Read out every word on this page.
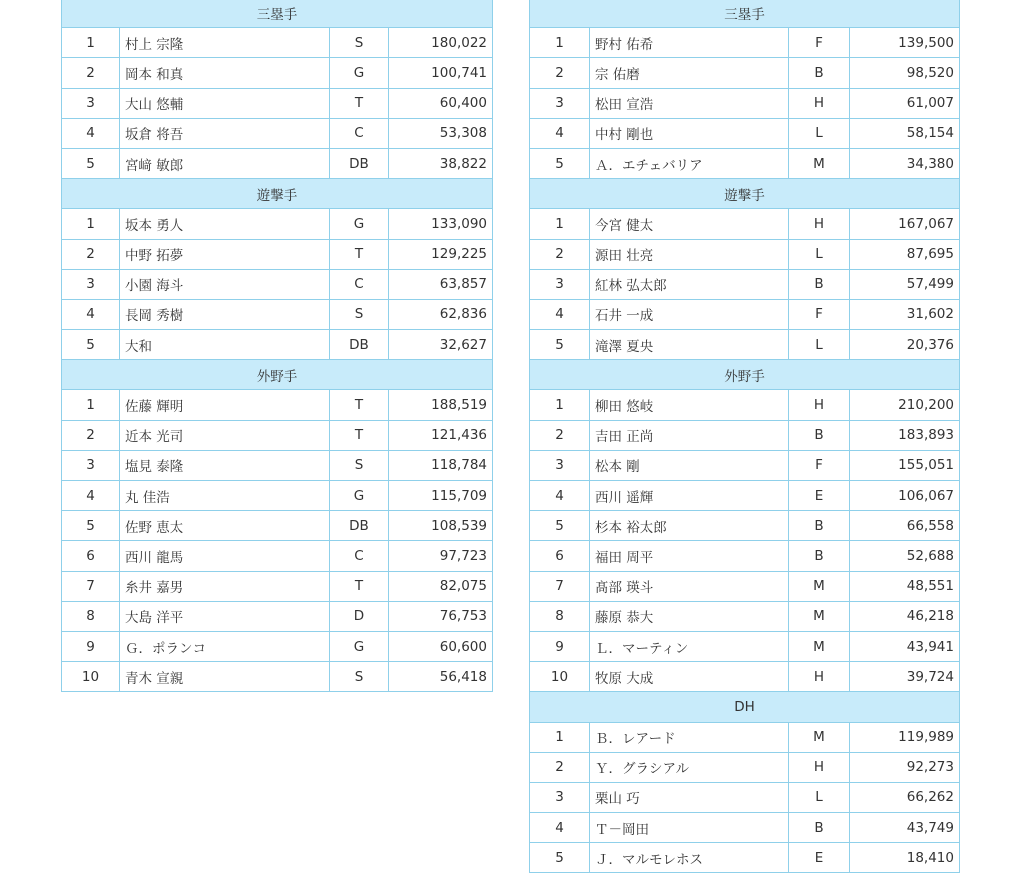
三塁手			
1	村上 宗隆	S	180,022
2	岡本 和真	G	100,741
3	大山 悠輔	T	60,400
4	坂倉 将吾	C	53,308
5	宮﨑 敏郎	DB	38,822
遊撃手			
1	坂本 勇人	G	133,090
2	中野 拓夢	T	129,225
3	小園 海斗	C	63,857
4	長岡 秀樹	S	62,836
5	大和	DB	32,627
外野手			
1	佐藤 輝明	T	188,519
2	近本 光司	T	121,436
3	塩見 泰隆	S	118,784
4	丸 佳浩	G	115,709
5	佐野 恵太	DB	108,539
6	西川 龍馬	C	97,723
7	糸井 嘉男	T	82,075
8	大島 洋平	D	76,753
9	Ｇ．ポランコ	G	60,600
10	青木 宣親	S	56,418
三塁手			
1	野村 佑希	F	139,500
2	宗 佑磨	B	98,520
3	松田 宣浩	H	61,007
4	中村 剛也	L	58,154
5	Ａ．エチェバリア	M	34,380
遊撃手			
1	今宮 健太	H	167,067
2	源田 壮亮	L	87,695
3	紅林 弘太郎	B	57,499
4	石井 一成	F	31,602
5	滝澤 夏央	L	20,376
外野手			
1	柳田 悠岐	H	210,200
2	吉田 正尚	B	183,893
3	松本 剛	F	155,051
4	西川 遥輝	E	106,067
5	杉本 裕太郎	B	66,558
6	福田 周平	B	52,688
7	髙部 瑛斗	M	48,551
8	藤原 恭大	M	46,218
9	Ｌ．マーティン	M	43,941
10	牧原 大成	H	39,724
DH			
1	Ｂ．レアード	M	119,989
2	Ｙ．グラシアル	H	92,273
3	栗山 巧	L	66,262
4	Ｔ－岡田	B	43,749
5	Ｊ．マルモレホス	E	18,410
